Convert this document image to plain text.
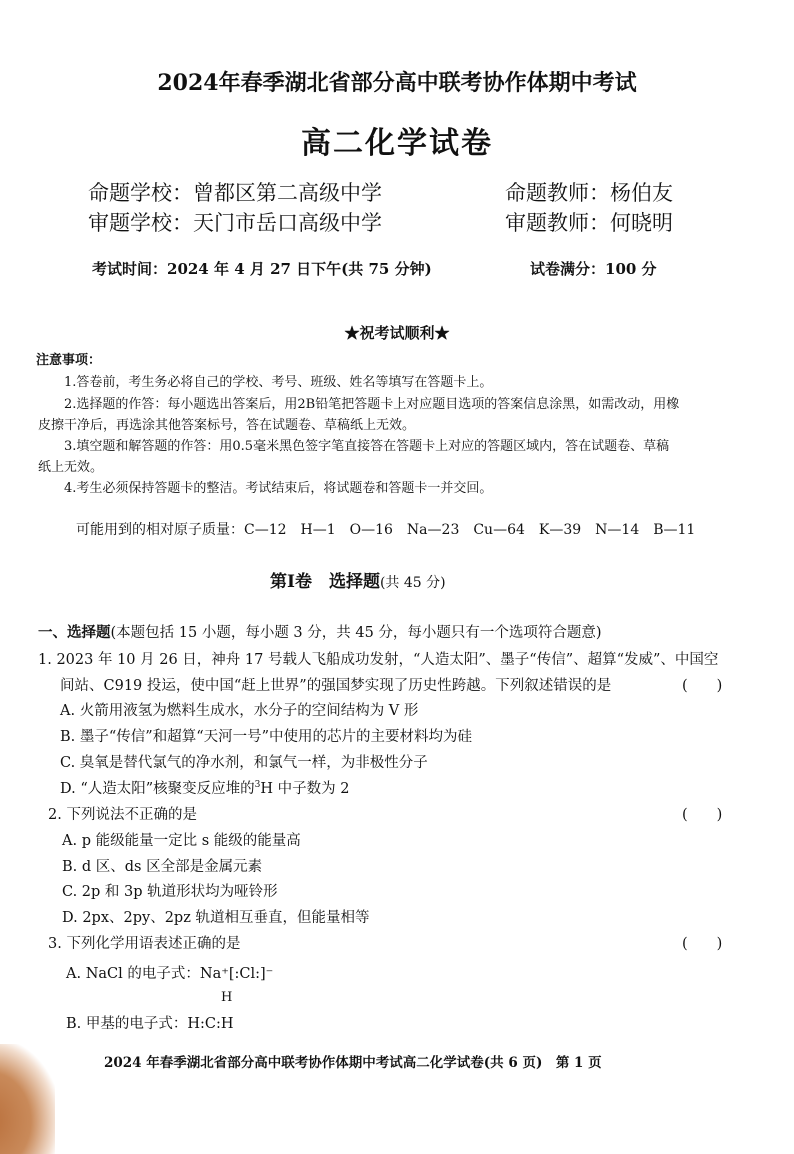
2024年春季湖北省部分高中联考协作体期中考试
高二化学试卷
命题学校：曾都区第二高级中学	命题教师：杨伯友
审题学校：天门市岳口高级中学	审题教师：何晓明
考试时间：2024 年 4 月 27 日下午(共 75 分钟)	试卷满分：100 分
★祝考试顺利★
注意事项：
1.答卷前，考生务必将自己的学校、考号、班级、姓名等填写在答题卡上。
2.选择题的作答：每小题选出答案后，用2B铅笔把答题卡上对应题目选项的答案信息涂黑，如需改动，用橡
皮擦干净后，再选涂其他答案标号，答在试题卷、草稿纸上无效。
3.填空题和解答题的作答：用0.5毫米黑色签字笔直接答在答题卡上对应的答题区域内，答在试题卷、草稿
纸上无效。
4.考生必须保持答题卡的整洁。考试结束后，将试题卷和答题卡一并交回。
可能用到的相对原子质量：C—12　H—1　O—16　Na—23　Cu—64　K—39　N—14　B—11
第Ⅰ卷　选择题(共 45 分)
一、选择题(本题包括 15 小题，每小题 3 分，共 45 分，每小题只有一个选项符合题意)
1. 2023 年 10 月 26 日，神舟 17 号载人飞船成功发射，“人造太阳”、墨子“传信”、超算“发威”、中国空
间站、C919 投运，使中国“赶上世界”的强国梦实现了历史性跨越。下列叙述错误的是	(　　)
A. 火箭用液氢为燃料生成水，水分子的空间结构为 V 形
B. 墨子“传信”和超算“天河一号”中使用的芯片的主要材料均为硅
C. 臭氧是替代氯气的净水剂，和氯气一样，为非极性分子
D. “人造太阳”核聚变反应堆的$^3$H 中子数为 2
2. 下列说法不正确的是	(　　)
A. p 能级能量一定比 s 能级的能量高
B. d 区、ds 区全部是金属元素
C. 2p 和 3p 轨道形状均为哑铃形
D. 2px、2py、2pz 轨道相互垂直，但能量相等
3. 下列化学用语表述正确的是	(　　)
A. NaCl 的电子式：Na⁺[:Cl:]⁻
H
B. 甲基的电子式：H:C:H
2024 年春季湖北省部分高中联考协作体期中考试高二化学试卷(共 6 页)　第 1 页
